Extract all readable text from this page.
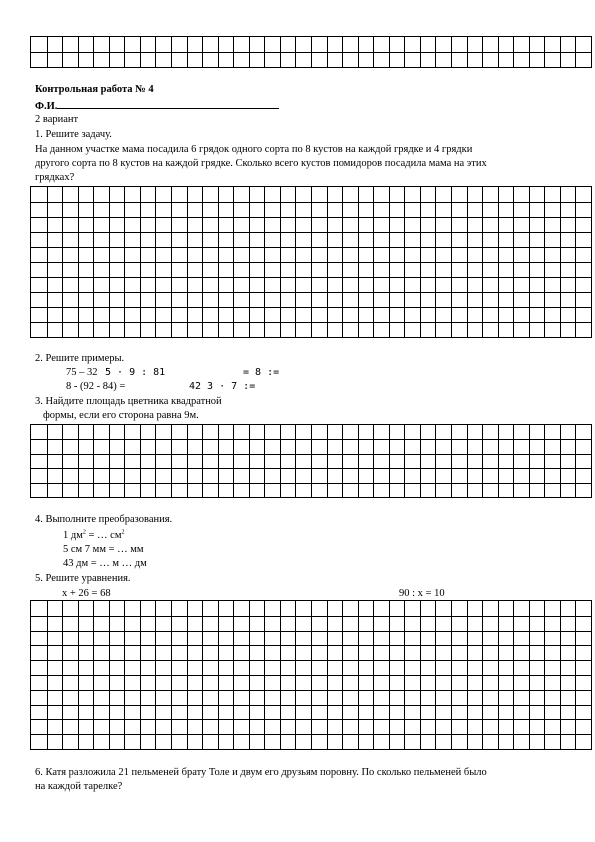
Контрольная работа № 4
Ф.И.
2 вариант
1. Решите задачу.
На данном участке мама посадила 6 грядок одного сорта по 8 кустов на каждой грядке и 4 грядки
другого сорта по 8 кустов на каждой грядке. Сколько всего кустов помидоров посадила мама на этих
грядках?
2. Решите примеры.
75 – 32 5 · 9 : 81	= 8 :=
8 - (92 - 84) =	42 3 · 7 :=
3. Найдите площадь цветника квадратной
формы, если его сторона равна 9м.
4. Выполните преобразования.
1 $дм^2$ = … $см^2$
5 см 7 мм = … мм
43 дм = … м … дм
5. Решите уравнения.
х + 26 = 68	90 : х = 10
6. Катя разложила 21 пельменей брату Толе и двум его друзьям поровну. По сколько пельменей было
на каждой тарелке?
